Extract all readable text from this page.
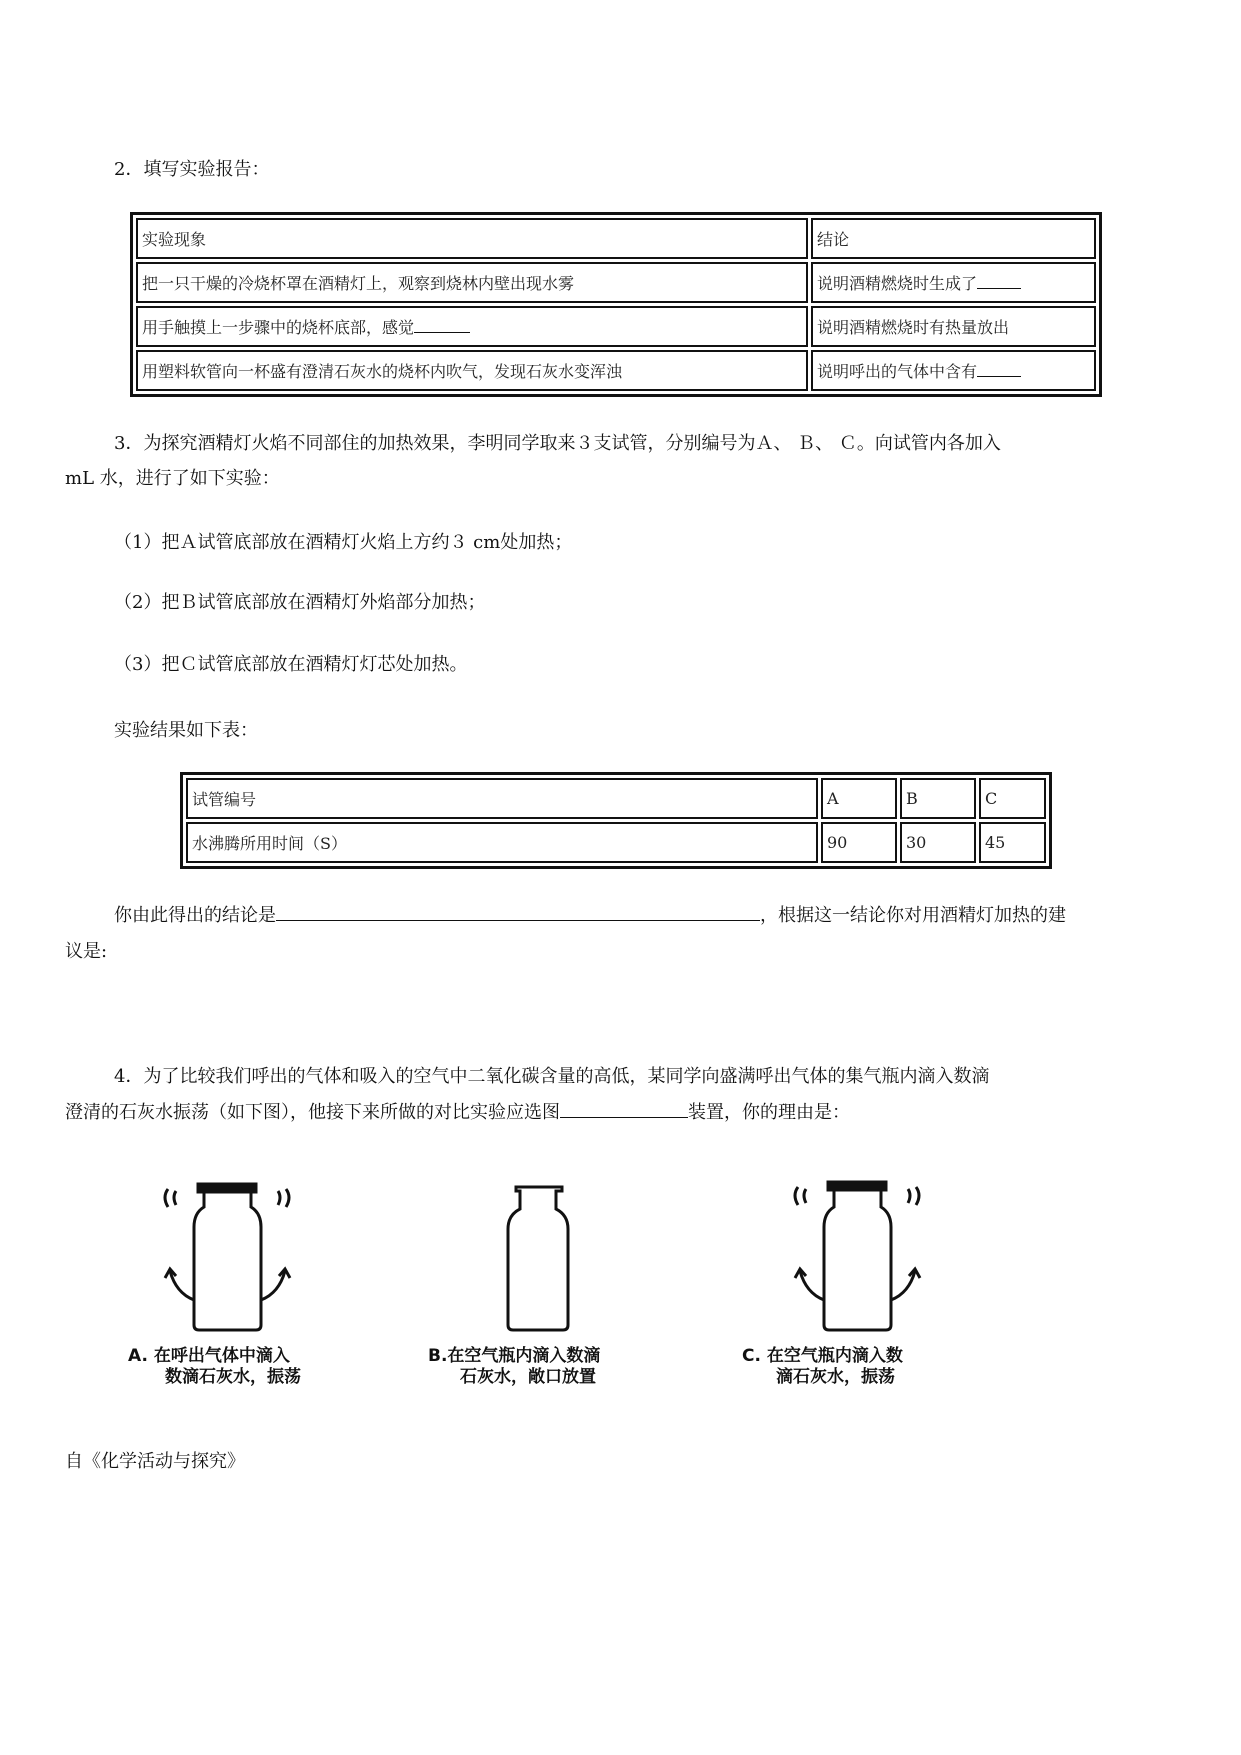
2．填写实验报告：
实验现象	结论
把一只干燥的冷烧杯罩在酒精灯上，观察到烧林内壁出现水雾	说明酒精燃烧时生成了
用手触摸上一步骤中的烧杯底部，感觉	说明酒精燃烧时有热量放出
用塑料软管向一杯盛有澄清石灰水的烧杯内吹气，发现石灰水变浑浊	说明呼出的气体中含有
3．为探究酒精灯火焰不同部住的加热效果，李明同学取来３支试管，分别编号为Ａ、 Ｂ、 Ｃ。向试管内各加入
mL 水，进行了如下实验：
（1）把Ａ试管底部放在酒精灯火焰上方约３ cm处加热；
（2）把Ｂ试管底部放在酒精灯外焰部分加热；
（3）把Ｃ试管底部放在酒精灯灯芯处加热。
实验结果如下表：
试管编号	A	B	C
水沸腾所用时间（S）	90	30	45
你由此得出的结论是	，根据这一结论你对用酒精灯加热的建
议是:
4．为了比较我们呼出的气体和吸入的空气中二氧化碳含量的高低，某同学向盛满呼出气体的集气瓶内滴入数滴
澄清的石灰水振荡（如下图），他接下来所做的对比实验应选图	装置，你的理由是：
A. 在呼出气体中滴入
数滴石灰水，振荡
B.在空气瓶内滴入数滴
石灰水，敞口放置
C. 在空气瓶内滴入数
滴石灰水，振荡
自《化学活动与探究》
